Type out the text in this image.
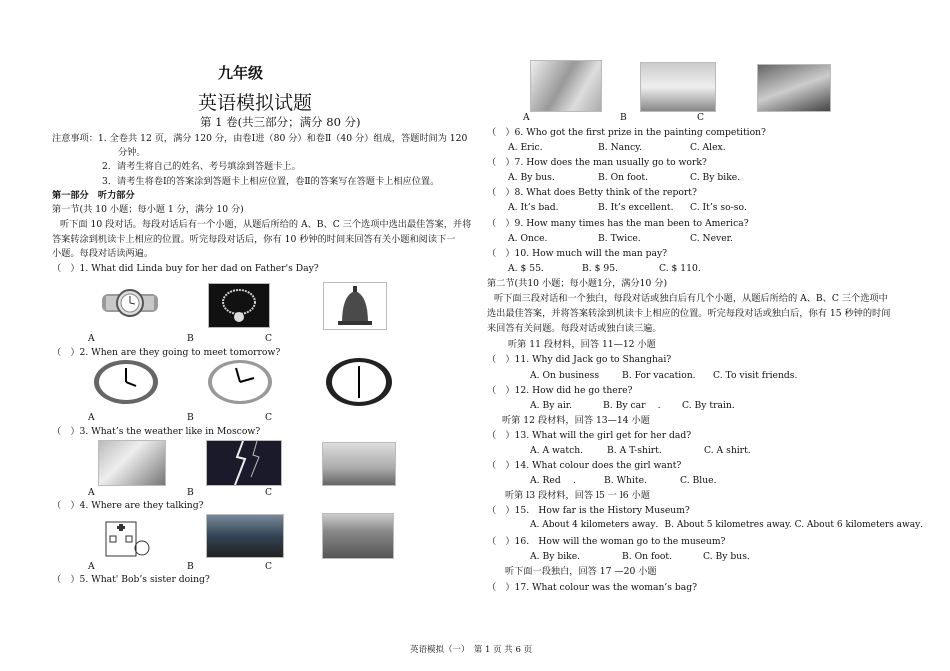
九年级
英语模拟试题
第 1 卷(共三部分；满分 80 分)
注意事项：1. 全卷共 12 页，满分 120 分，由卷Ⅰ进（80 分）和卷Ⅱ（40 分）组成，答题时间为 120
分钟。
2．请考生将自己的姓名、考号填涂到答题卡上。
3．请考生将卷Ⅰ的答案涂到答题卡上相应位置，卷Ⅱ的答案写在答题卡上相应位置。
第一部分　听力部分
第一节(共 10 小题；每小题 1 分，满分 10 分)
听下面 10 段对话。每段对话后有一个小题，从题后所给的 A、B、C 三个选项中选出最佳答案，并将
答案转涂到机读卡上相应的位置。听完每段对话后，你有 10 秒钟的时间来回答有关小题和阅读下一
小题。每段对话读两遍。
（　）1. What did Linda buy for her dad on Father's Day?
A	B	C
（　）2. When are they going to meet tomorrow?
A	B	C
（　）3. What’s the weather like in Moscow?
A	B	C
（　）4. Where are they talking?
A	B	C
（　）5. What' Bob’s sister doing?
A	B	C
（　）6. Who got the first prize in the painting competition?
A. Eric.	B. Nancy.	C. Alex.
（　）7. How does the man usually go to work?
A. By bus.	B. On foot.	C. By bike.
（　）8. What does Betty think of the report?
A. It’s bad.	B. It’s excellent. C. It’s so-so.
（　）9. How many times has the man been to America?
A. Once.	B. Twice.	C. Never.
（　）10. How much will the man pay?
A. $ 55.	B. $ 95.	C. $ 110.
第二节(共10 小题；每小题1分，满分10 分)
听下面三段对话和一个独白，每段对话或独白后有几个小题，从题后所给的 A、B、C 三个选项中
选出最佳答案，并将答案转涂到机读卡上相应的位置。听完每段对话或独白后，你有 15 秒钟的时间
来回答有关问题。每段对话或独白读三遍。
听第 11 段材料，回答 11—12 小题
（　）11. Why did Jack go to Shanghai?
A. On business B. For vacation. C. To visit friends.
（　）12. How did he go there?
A. By air.	B. By car　 . C. By train.
听第 12 段材料，回答 13—14 小题
（　）13. What will the girl get for her dad?
A. A watch.	B. A T-shirt.	C. A shirt.
（　）14. What colour does the girl want?
A. Red　 .	B. White.	C. Blue.
听第 l3 段材料，回答 l5 一 l6 小题
（　）15.　How far is the History Museum?
A. About 4 kilometers away．B. About 5 kilometres away. C. About 6 kilometers away．
（　）16.　How will the woman go to the museum?
A. By bike.	B. On foot.	C. By bus．
听下面一段独白，回答 17 —20 小题
（　）17. What colour was the woman’s bag?
英语模拟（一）　第 1 页 共 6 页
